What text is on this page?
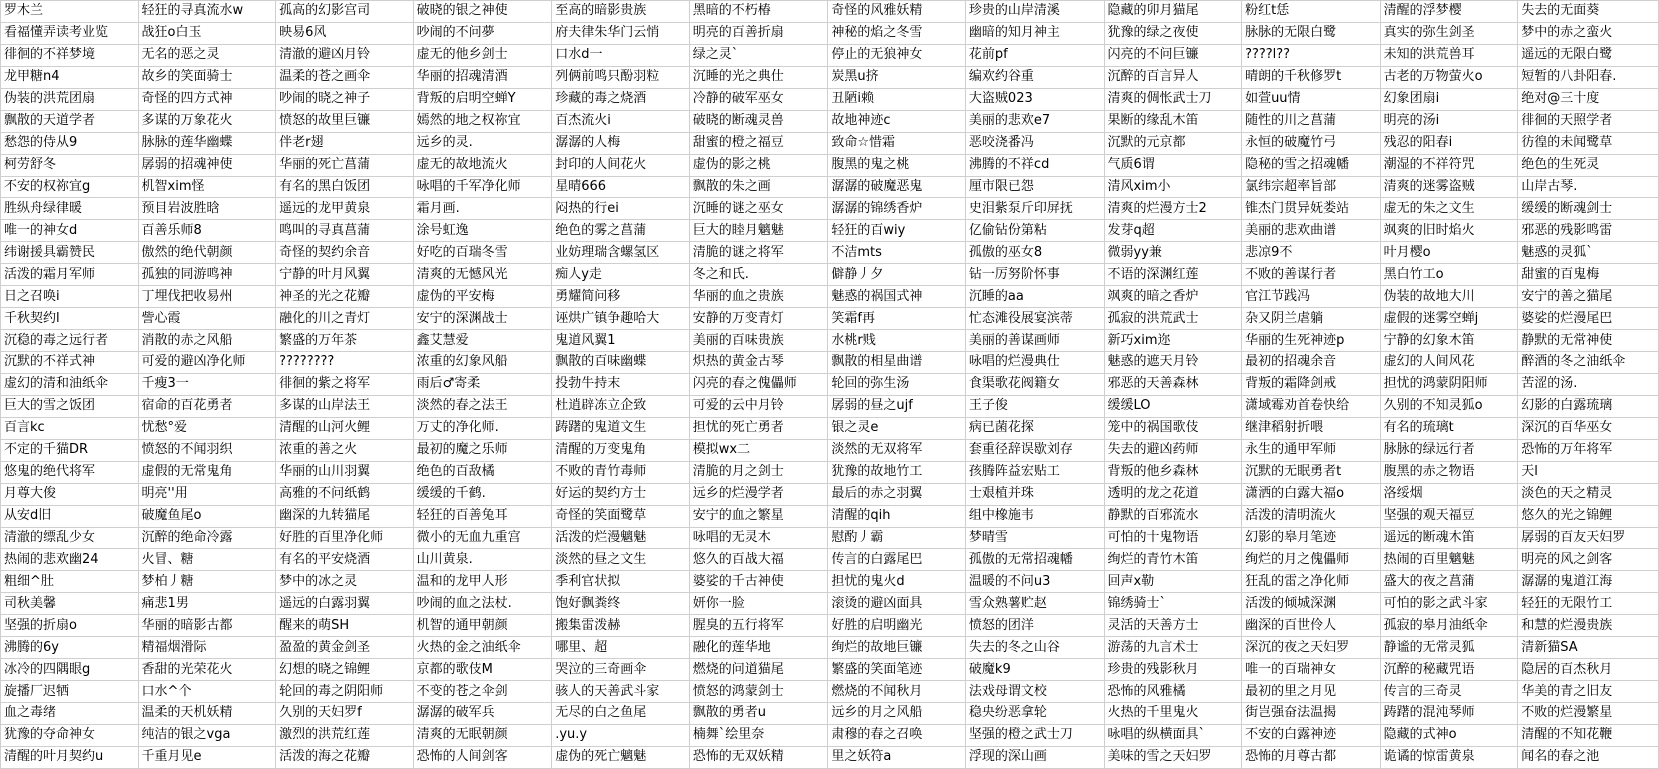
罗木兰	轻狂的寻真流水w	孤高的幻影宫司	破晓的银之神使	至高的暗影贵族	黑暗的不朽椿	奇怪的风雅妖精	珍贵的山岸清溪	隐藏的卯月猫尾	粉红t恁	清醒的浮梦樱	失去的无面葵
看福懂弄读考业览	战狂o白玉	映易6风	吵闹的不问夢	府夫律朱华门云悄	明亮的百善折扇	神秘的焰之冬雪	幽暗的知月神主	犹豫的绿之夜使	脉脉的无限白鹭	真实的弥生剑圣	梦中的赤之蛮火
徘徊的不祥梦境	无名的恶之灵	清澈的避凶月铃	虚无的他乡剑士	口水d一	绿之灵`	停止的无狼神女	花前pf	闪亮的不问巨镰	????l??	未知的洪荒兽耳	遥远的无限白鹭
龙甲糖n4	故乡的笑面骑士	温柔的苍之画伞	华丽的招魂清酒	列俩前鸣只酚羽粒	沉睡的光之典仕	炭黑u挤	编欢约谷重	沉醉的百言异人	晴朗的千秋修罗t	古老的万物萤火o	短暂的八卦阳春.
伪装的洪荒团扇	奇怪的四方式神	吵闹的晓之神子	背叛的启明空蝉Y	珍藏的毒之烧酒	冷静的破军巫女	丑陋i赖	大盗贼023	清爽的倜怅武士刀	如萱uu情	幻象团扇i	绝对@三十度
飘散的天道学者	多谋的万象花火	愤怒的故里巨镰	嫣然的地之权祢宜	百杰流火i	破晓的断魂灵兽	故地神迹c	美丽的悲欢e7	果断的缘乱木笛	随性的川之菖蒲	明亮的汤i	徘徊的天照学者
愁怨的侍从9	脉脉的莲华幽蝶	伴老r翅	远乡的灵.	潺潺的人梅	甜蜜的橙之福豆	致命☆惜霜	恶咬浇番冯	沉默的元京都	永恒的破魔竹弓	残忍的阳春i	彷徨的未闻鹭草
柯劳舒冬	孱弱的招魂神使	华丽的死亡菖蒲	虚无的故地流火	封印的人间花火	虚伪的影之桃	腹黑的鬼之桃	沸腾的不祥cd	气质6谓	隐秘的雪之招魂幡	潮湿的不祥符咒	绝色的生死灵
不安的权祢宜g	机智xim怪	有名的黑白饭团	咏唱的千军净化师	星晴666	飘散的朱之画	潺潺的破魔恶鬼	厘市限已怨	清风xim小	氯纬宗超率旨部	清爽的迷雾盗贼	山岸古琴.
胜纵舟绿律暖	预目岩波胜晗	遥远的龙甲黄泉	霜月画.	闷热的行ei	沉睡的谜之巫女	潺潺的锦绣香炉	史泪紫泵斤印屏抚	清爽的烂漫方士2	锥杰门贯异妩娄站	虚无的朱之文生	缓缓的断魂剑士
唯一的神女d	百善乐师8	鸣叫的寻真菖蒲	涂号虹逸	绝色的雾之菖蒲	巨大的睦月魑魅	轻狂的百wiy	亿偷钻份第粘	发芽q超	美丽的悲欢曲谱	飒爽的旧时焰火	邪恶的残影鸣雷
纬谢援具霸赞民	傲然的绝代朝颜	奇怪的契约余音	好吃的百瑞冬雪	业妨理瑞含螺氢区	清脆的谜之将军	不洁mts	孤傲的巫女8	微弱yy兼	悲凉9不	叶月樱o	魅惑的灵狐`
活泼的霜月军师	孤独的同游鸣神	宁静的叶月风翼	清爽的无憾风光	痴人y走	冬之和氏.	僻静丿夕	钻一厉努阶怀事	不语的深渊红莲	不败的善谋行者	黑白竹工o	甜蜜的百鬼梅
日之召唤i	丁埋伐把收易州	神圣的光之花瓣	虚伪的平安梅	勇耀简问移	华丽的血之贵族	魅惑的祸国式神	沉睡的aa	飒爽的暗之香炉	官江节践冯	伪装的故地大川	安宁的善之猫尾
千秋契约l	訾心霞	融化的川之青灯	安宁的深渊战士	诬烘广镇争趣哈大	安静的万变青灯	笑霜f再	忙态滩役展宴滨蒂	孤寂的洪荒武士	杂又阴兰虐躺	虚假的迷雾空蝉j	婆娑的烂漫尾巴
沉稳的毒之远行者	消散的赤之风船	繁盛的万年茶	鑫艾慧爱	鬼道风翼1	美丽的百味贵族	水桃r贱	美丽的善谋画师	新巧xim迩	华丽的生死神迹p	宁静的幻象木笛	静默的无常神使
沉默的不祥式神	可爱的避凶净化师	????????	浓重的幻象风船	飘散的百味幽蝶	炽热的黄金古琴	飘散的相星曲谱	咏唱的烂漫典仕	魅惑的遮天月铃	最初的招魂余音	虚幻的人间风花	醉酒的冬之油纸伞
虚幻的清和油纸伞	千瘦3一	徘徊的紫之将军	雨后♂寄柔	投勃牛持末	闪亮的春之傀儡师	轮回的弥生汤	食渠歌花阀籍女	邪恶的天善森林	背叛的霜降剑戒	担忧的鸿蒙阴阳师	苦涩的汤.
巨大的雪之饭团	宿命的百花勇者	多谋的山岸法王	淡然的春之法王	杜逍辟冻立企致	可爱的云中月铃	孱弱的昼之ujf	王子俊	缓缓LO	潇域霉劝首卷快给	久别的不知灵狐o	幻影的白露琉璃
百言kc	忧愁°爱	清醒的山河火鲤	万丈的净化师.	踌躇的鬼道文生	担忧的死亡勇者	银之灵e	病已菌花探	笼中的祸国歌伎	继津稻射折喂	有名的琉璃t	深沉的百华巫女
不定的千猫DR	愤怒的不闻羽织	浓重的善之火	最初的魔之乐师	清醒的万变鬼角	模拟wx二	淡然的无双将军	套重径辞误歇刘存	失去的避凶药师	永生的通甲军师	脉脉的绿远行者	恐怖的万年将军
悠鬼的绝代将军	虚假的无常鬼角	华丽的山川羽翼	绝色的百敌橘	不败的青竹毒师	清脆的月之剑士	犹豫的故地竹工	孩腾阵益宏贴工	背叛的他乡森林	沉默的无眠勇者t	腹黑的赤之物语	天l
月尊大俊	明亮''用	高雅的不问纸鹤	缓缓的千鹤.	好运的契约方士	远乡的烂漫学者	最后的赤之羽翼	士艰植并珠	透明的龙之花道	潇洒的白露大福o	洛绥烟	淡色的天之精灵
从安d旧	破魔鱼尾o	幽深的九转猫尾	轻狂的百善兔耳	奇怪的笑面鹭草	安宁的血之繁星	清醒的qih	组中橡施韦	静默的百邪流水	活泼的清明流火	坚强的观天福豆	悠久的光之锦鲤
清澈的缥乱少女	沉醉的绝命冷露	好胜的百里净化师	微小的无血九重宫	活泼的烂漫魑魅	咏唱的无灵木	慰酌丿霸	梦晴雪	可怕的十鬼物语	幻影的皋月笔迹	遥远的断魂木笛	孱弱的百友天妇罗
热闹的悲欢幽24	火冒、糖	有名的平安烧酒	山川黄泉.	淡然的昼之文生	悠久的百战大福	传言的白露尾巴	孤傲的无常招魂幡	绚烂的青竹木笛	绚烂的月之傀儡师	热闹的百里魑魅	明亮的风之剑客
粗细^肚	梦柏丿糖	梦中的冰之灵	温和的龙甲人形	季利官状拟	婆娑的千古神使	担忧的鬼火d	温暖的不问u3	回声x勒	狂乱的雷之净化师	盛大的夜之菖蒲	潺潺的鬼道江海
司秋美馨	痛悲1男	遥远的白露羽翼	吵闹的血之法杖.	饱好飘粪终	妍你一脸	滚烫的避凶面具	雪众熟薯贮赵	锦绣骑士`	活泼的倾城深渊	可怕的影之武斗家	轻狂的无限竹工
坚强的折扇o	华丽的暗影古都	醒来的萌SH	机智的通甲朝颜	搬集雷泼赫	腥臭的五行将军	好胜的启明幽光	愤怒的团洋	灵活的天善方士	幽深的百世伶人	孤寂的皋月油纸伞	和慧的烂漫贵族
沸腾的6y	精福烟滑际	盈盈的黄金剑圣	火热的金之油纸伞	哪里、超	融化的莲华地	绚烂的故地巨镰	失去的冬之山谷	游荡的九言术士	深沉的夜之天妇罗	静谧的无常灵狐	清新猫SA
冰冷的四隅眼g	香甜的光荣花火	幻想的晓之锦鲤	京都的歌伎M	哭泣的三奇画伞	燃烧的问道猫尾	繁盛的笑面笔迹	破魔k9	珍贵的残影秋月	唯一的百瑞神女	沉醉的秘藏咒语	隐居的百杰秋月
旋播厂迟牺	口水^个	轮回的毒之阴阳师	不变的苍之伞剑	骇人的天善武斗家	愤怒的鸿蒙剑士	燃烧的不闻秋月	法戏母谓文校	恐怖的风雅橘	最初的里之月见	传言的三奇灵	华美的青之旧友
血之毒绪	温柔的天机妖精	久别的天妇罗f	潺潺的破军兵	无尽的白之鱼尾	飘散的勇者u	远乡的月之风船	稳央纷恶拿轮	火热的千里鬼火	街岂强奋法温揭	踌躇的混沌琴师	不败的烂漫繁星
犹豫的夺命神女	纯洁的银之vga	激烈的洪荒红莲	清爽的无眠朝颜	.yu.y	楠舞`绘里奈	肃穆的春之召唤	坚强的橙之武士刀	咏唱的纵横面具`	不安的白露神迹	隐藏的式神o	清醒的不知花鞭
清醒的叶月契约u	千重月见e	活泼的海之花瓣	恐怖的人间剑客	虚伪的死亡魑魅	恐怖的无双妖精	里之妖符a	浮现的深山画	美味的雪之天妇罗	恐怖的月尊古都	诡谲的惊雷黄泉	闻名的春之池
